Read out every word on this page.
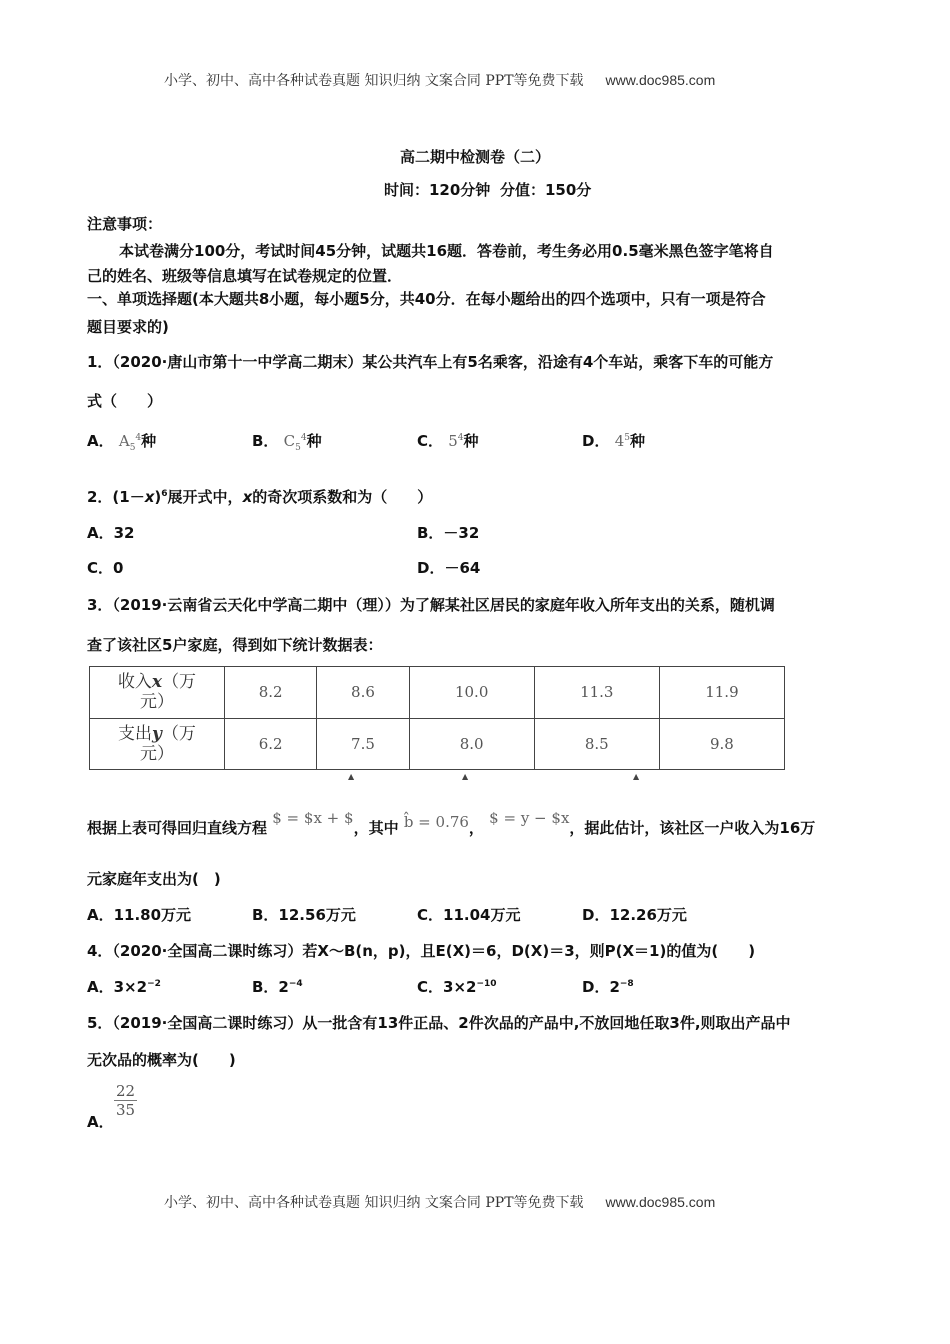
小学、初中、高中各种试卷真题 知识归纳 文案合同 PPT等免费下载 www.doc985.com
高二期中检测卷（二）
时间：120分钟 分值：150分
注意事项：
本试卷满分100分，考试时间45分钟，试题共16题．答卷前，考生务必用0.5毫米黑色签字笔将自
己的姓名、班级等信息填写在试卷规定的位置．
一、单项选择题(本大题共8小题，每小题5分，共40分．在每小题给出的四个选项中，只有一项是符合
题目要求的)
1．（2020·唐山市第十一中学高二期末）某公共汽车上有5名乘客，沿途有4个车站，乘客下车的可能方
式（　　）
A． $A_5^4$种	B． $C_5^4$种	C． $5^4$种	D． $4^5$种
2．$(1-x)^6$展开式中，x的奇次项系数和为（　　）
A．32	B．－32
C．0	D．－64
3．（2019·云南省云天化中学高二期中（理））为了解某社区居民的家庭年收入所年支出的关系，随机调
查了该社区5户家庭，得到如下统计数据表：
收入x（万
元）	8.2	8.6	10.0	11.3	11.9
支出y（万
元）	6.2	7.5	8.0	8.5	9.8
▲	▲	▲
根据上表可得回归直线方程 $ = $x + $，其中 b̂ = 0.76， $ = y − $x，据此估计，该社区一户收入为16万
元家庭年支出为(　)
A．11.80万元	B．12.56万元	C．11.04万元	D．12.26万元
4．（2020·全国高二课时练习）若X～B(n，p)，且E(X)＝6，D(X)＝3，则P(X＝1)的值为(　　)
A．$3\times 2^{-2}$	B．$2^{-4}$	C．$3\times 2^{-10}$	D．$2^{-8}$
5．（2019·全国高二课时练习）从一批含有13件正品、2件次品的产品中,不放回地任取3件,则取出产品中
无次品的概率为(　　)
A．
$\frac{22}{35}$
小学、初中、高中各种试卷真题 知识归纳 文案合同 PPT等免费下载 www.doc985.com
